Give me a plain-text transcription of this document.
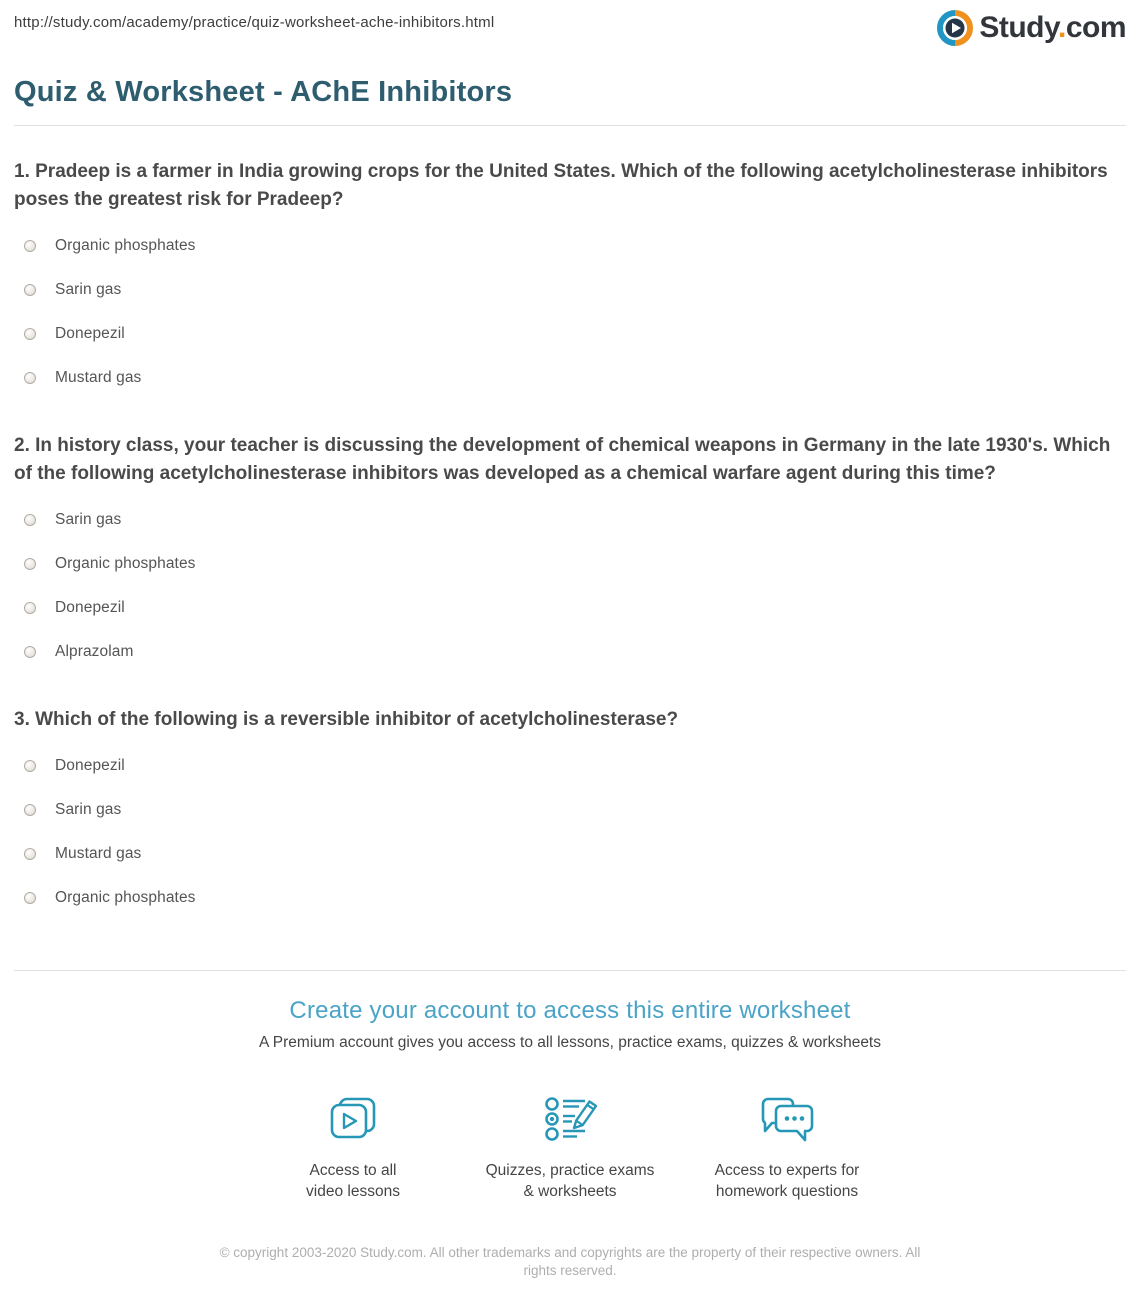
http://study.com/academy/practice/quiz-worksheet-ache-inhibitors.html	Study.com
Quiz & Worksheet - AChE Inhibitors
1. Pradeep is a farmer in India growing crops for the United States. Which of the following acetylcholinesterase inhibitors poses the greatest risk for Pradeep?
Organic phosphates
Sarin gas
Donepezil
Mustard gas
2. In history class, your teacher is discussing the development of chemical weapons in Germany in the late 1930's. Which of the following acetylcholinesterase inhibitors was developed as a chemical warfare agent during this time?
Sarin gas
Organic phosphates
Donepezil
Alprazolam
3. Which of the following is a reversible inhibitor of acetylcholinesterase?
Donepezil
Sarin gas
Mustard gas
Organic phosphates
Create your account to access this entire worksheet
A Premium account gives you access to all lessons, practice exams, quizzes & worksheets
Access to all
video lessons
Quizzes, practice exams
& worksheets
Access to experts for
homework questions
© copyright 2003-2020 Study.com. All other trademarks and copyrights are the property of their respective owners. All rights reserved.
